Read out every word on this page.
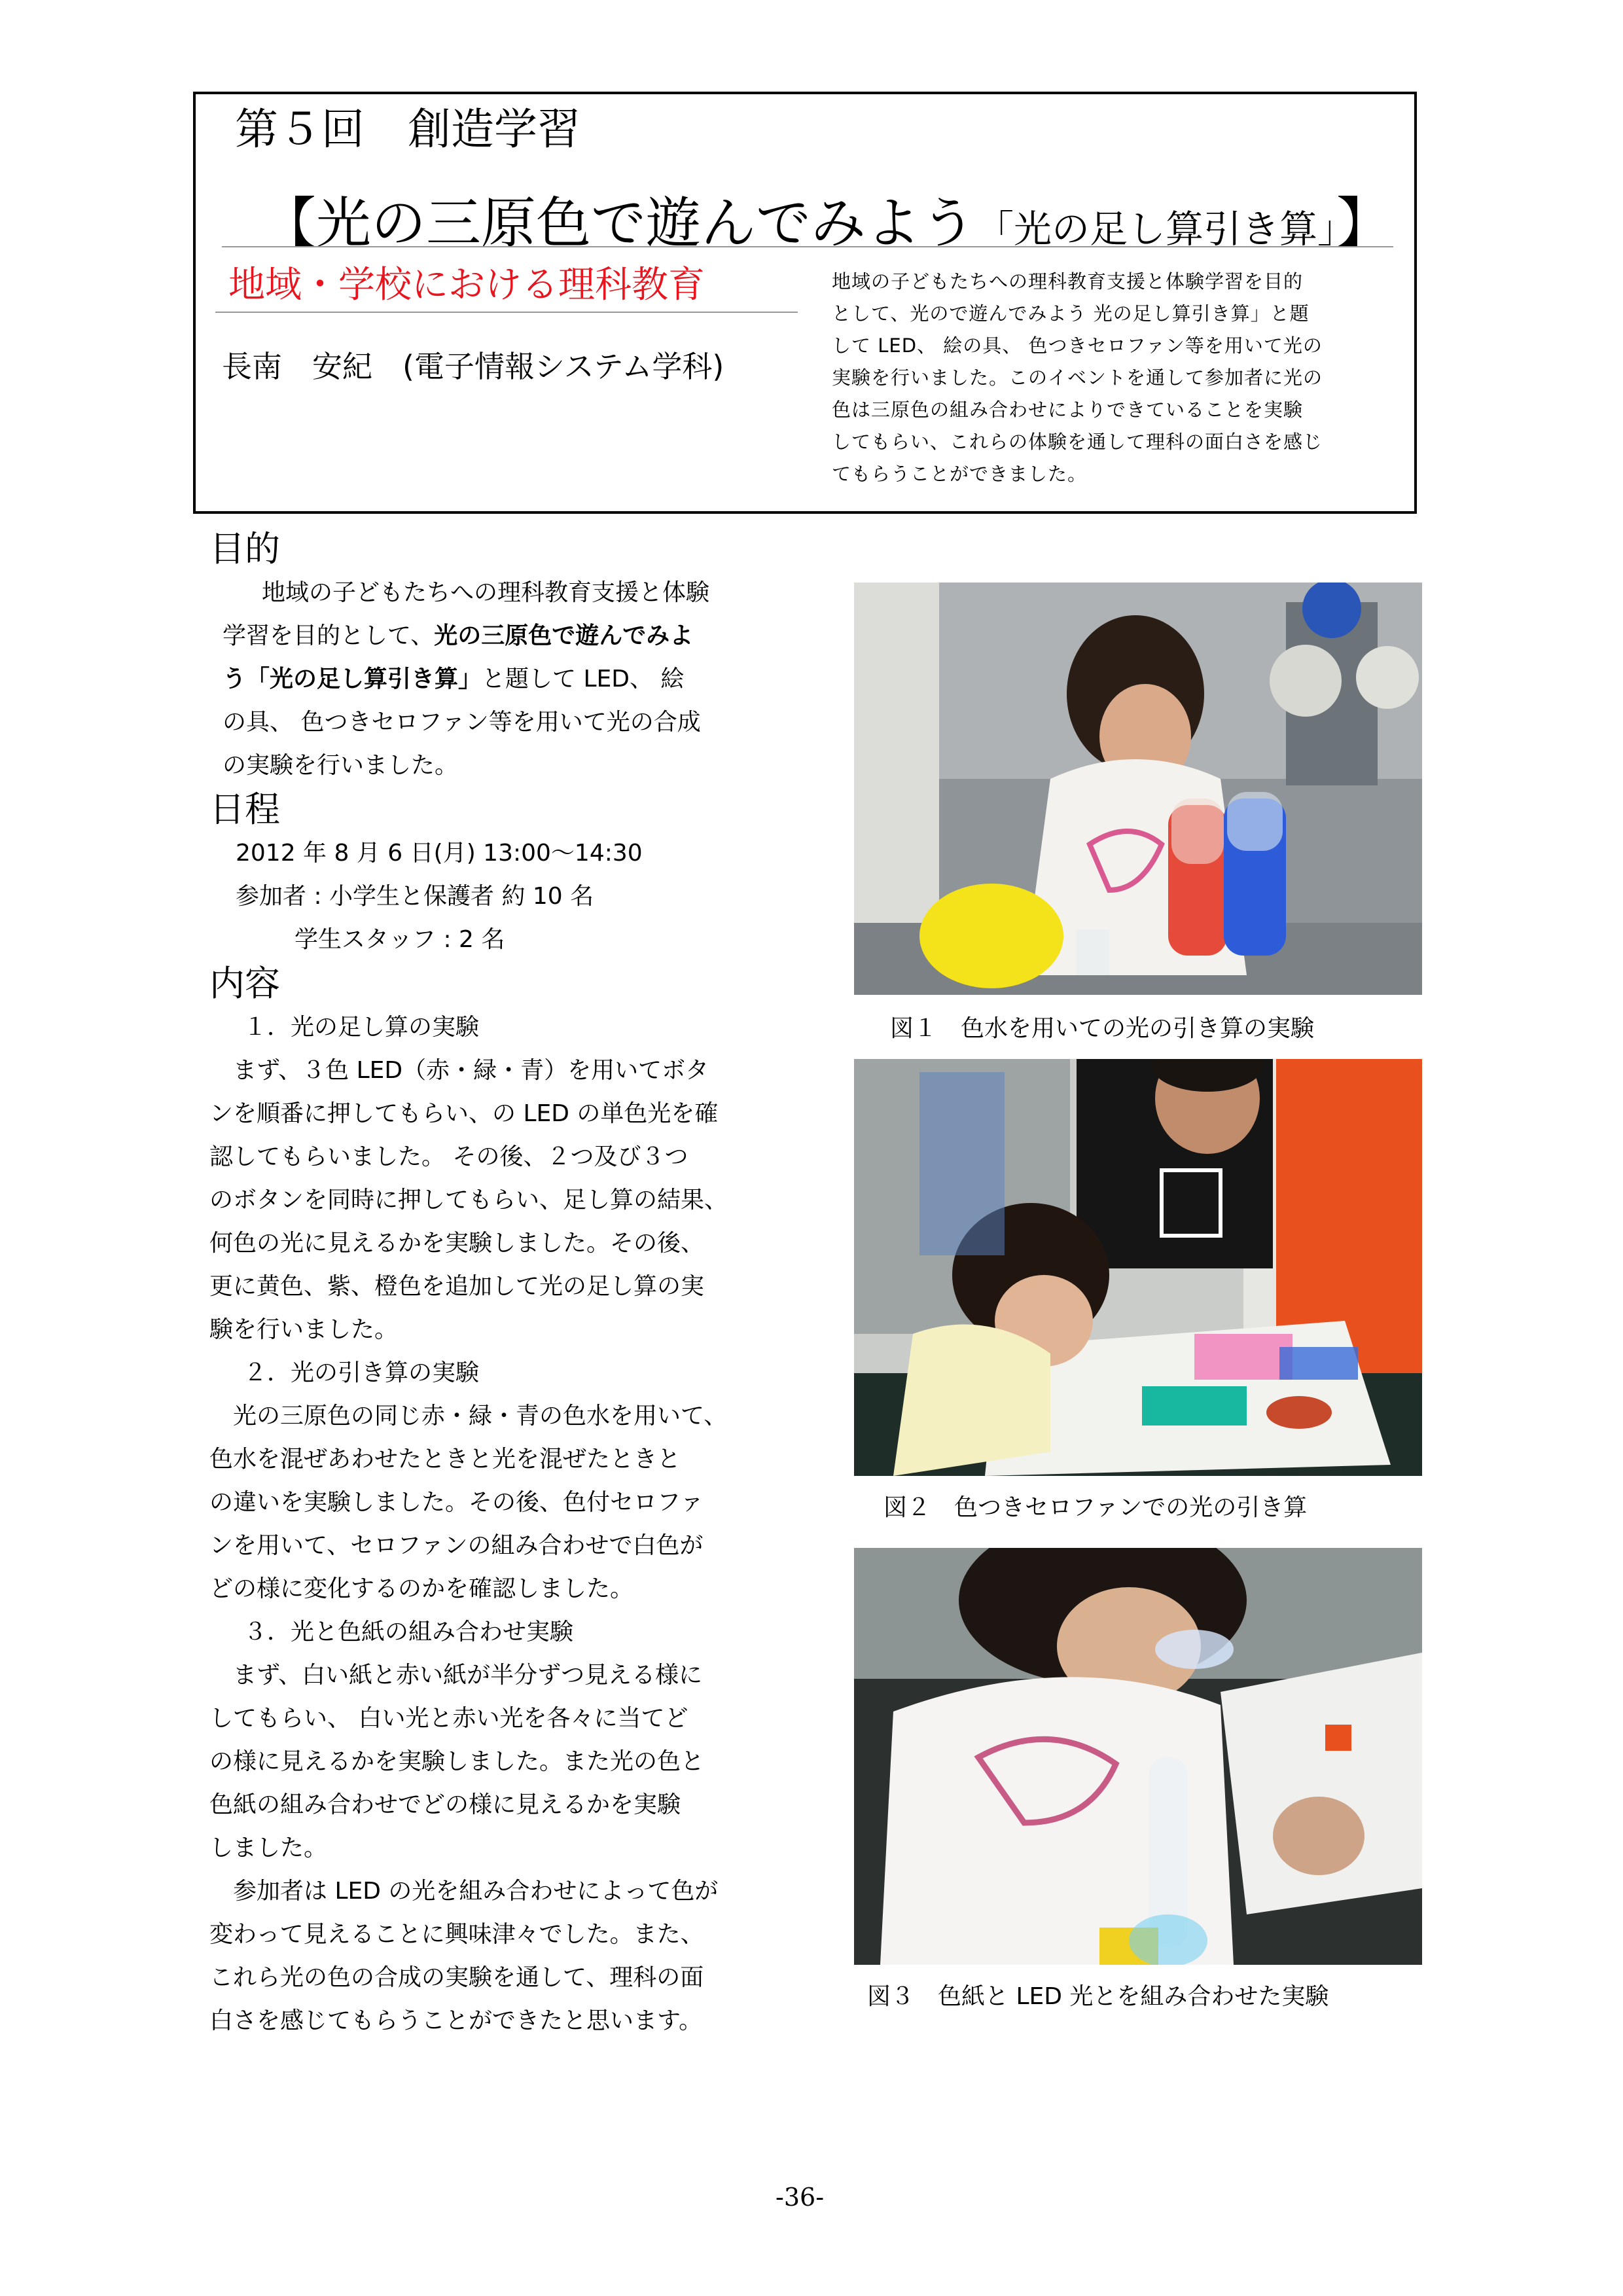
第５回　創造学習
【光の三原色で遊んでみよう「光の足し算引き算」】
地域・学校における理科教育
長南　安紀　(電子情報システム学科)
地域の子どもたちへの理科教育支援と体験学習を目的
として、光ので遊んでみよう 光の足し算引き算」と題
して LED、 絵の具、 色つきセロファン等を用いて光の
実験を行いました。このイベントを通して参加者に光の
色は三原色の組み合わせによりできていることを実験
してもらい、これらの体験を通して理科の面白さを感じ
てもらうことができました。
目的
地域の子どもたちへの理科教育支援と体験
学習を目的として、光の三原色で遊んでみよ
う「光の足し算引き算」と題して LED、 絵
の具、 色つきセロファン等を用いて光の合成
の実験を行いました。
日程
2012 年 8 月 6 日(月) 13:00～14:30
参加者 : 小学生と保護者 約 10 名
学生スタッフ : 2 名
内容
１．光の足し算の実験
まず、３色 LED（赤・緑・青）を用いてボタ
ンを順番に押してもらい、の LED の単色光を確
認してもらいました。 その後、２つ及び３つ
のボタンを同時に押してもらい、足し算の結果、
何色の光に見えるかを実験しました。その後、
更に黄色、紫、橙色を追加して光の足し算の実
験を行いました。
２．光の引き算の実験
光の三原色の同じ赤・緑・青の色水を用いて、
色水を混ぜあわせたときと光を混ぜたときと
の違いを実験しました。その後、色付セロファ
ンを用いて、セロファンの組み合わせで白色が
どの様に変化するのかを確認しました。
３．光と色紙の組み合わせ実験
まず、白い紙と赤い紙が半分ずつ見える様に
してもらい、 白い光と赤い光を各々に当てど
の様に見えるかを実験しました。また光の色と
色紙の組み合わせでどの様に見えるかを実験
しました。
参加者は LED の光を組み合わせによって色が
変わって見えることに興味津々でした。また、
これら光の色の合成の実験を通して、理科の面
白さを感じてもらうことができたと思います。
図１　色水を用いての光の引き算の実験
図２　色つきセロファンでの光の引き算
図３　色紙と LED 光とを組み合わせた実験
-36-
